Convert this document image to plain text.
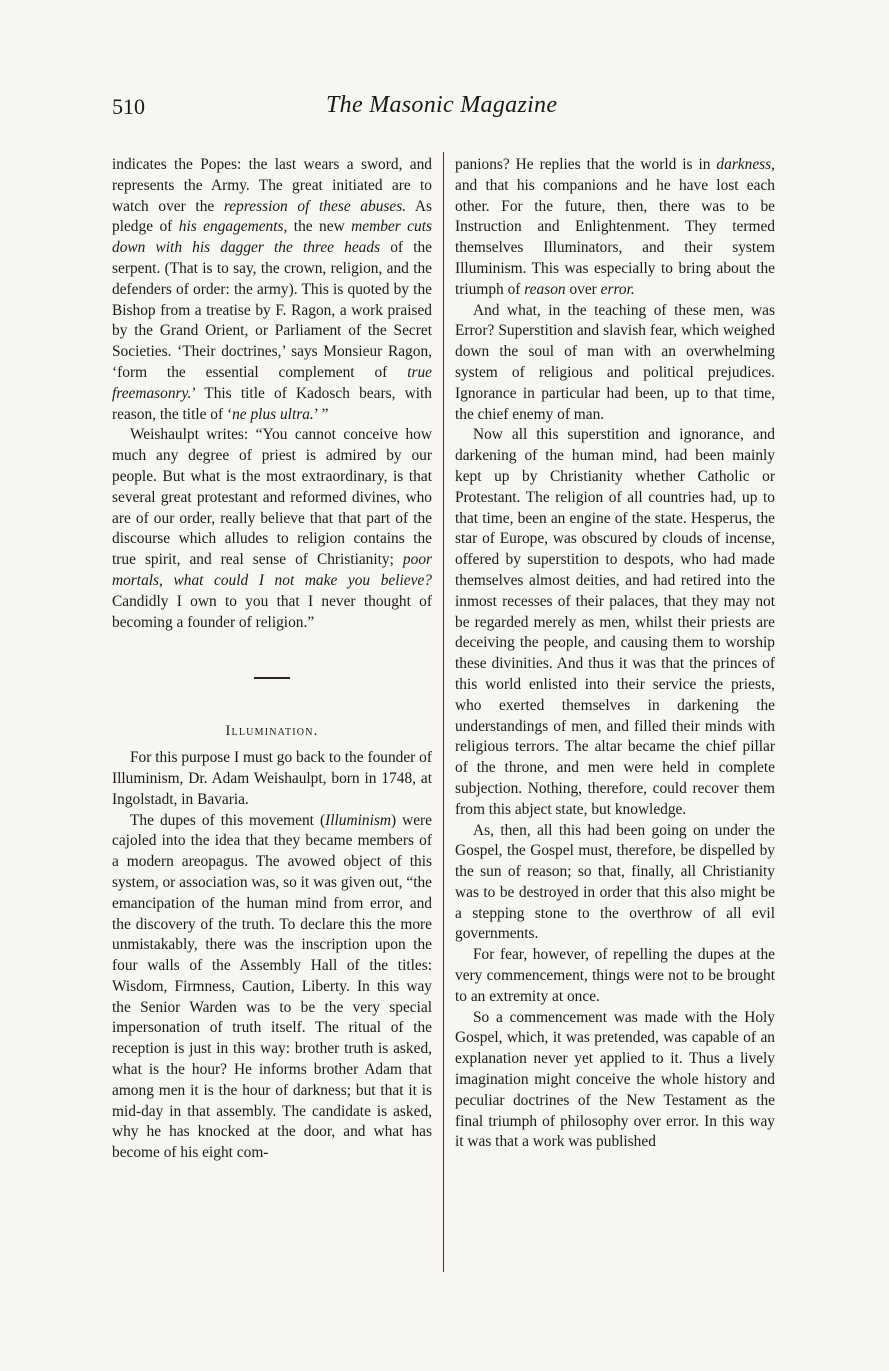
510	The Masonic Magazine

indicates the Popes: the last wears a sword, and represents the Army. The great initiated are to watch over the repression of these abuses. As pledge of his engagements, the new member cuts down with his dagger the three heads of the serpent. (That is to say, the crown, religion, and the defenders of order: the army). This is quoted by the Bishop from a treatise by F. Ragon, a work praised by the Grand Orient, or Parliament of the Secret Societies. ‘Their doctrines,’ says Monsieur Ragon, ‘form the essential complement of true freemasonry.’ This title of Kadosch bears, with reason, the title of ‘ne plus ultra.’ ”

Weishaulpt writes: “You cannot conceive how much any degree of priest is admired by our people. But what is the most extraordinary, is that several great protestant and reformed divines, who are of our order, really believe that that part of the discourse which alludes to religion contains the true spirit, and real sense of Christianity; poor mortals, what could I not make you believe? Candidly I own to you that I never thought of becoming a founder of religion.”

Illumination.

For this purpose I must go back to the founder of Illuminism, Dr. Adam Weishaulpt, born in 1748, at Ingolstadt, in Bavaria.

The dupes of this movement (Illuminism) were cajoled into the idea that they became members of a modern areopagus. The avowed object of this system, or association was, so it was given out, “the emancipation of the human mind from error, and the discovery of the truth. To declare this the more unmistakably, there was the inscription upon the four walls of the Assembly Hall of the titles: Wisdom, Firmness, Caution, Liberty. In this way the Senior Warden was to be the very special impersonation of truth itself. The ritual of the reception is just in this way: brother truth is asked, what is the hour? He informs brother Adam that among men it is the hour of darkness; but that it is mid-day in that assembly. The candidate is asked, why he has knocked at the door, and what has become of his eight com-

panions? He replies that the world is in darkness, and that his companions and he have lost each other. For the future, then, there was to be Instruction and Enlightenment. They termed themselves Illuminators, and their system Illuminism. This was especially to bring about the triumph of reason over error.

And what, in the teaching of these men, was Error? Superstition and slavish fear, which weighed down the soul of man with an overwhelming system of religious and political prejudices. Ignorance in particular had been, up to that time, the chief enemy of man.

Now all this superstition and ignorance, and darkening of the human mind, had been mainly kept up by Christianity whether Catholic or Protestant. The religion of all countries had, up to that time, been an engine of the state. Hesperus, the star of Europe, was obscured by clouds of incense, offered by superstition to despots, who had made themselves almost deities, and had retired into the inmost recesses of their palaces, that they may not be regarded merely as men, whilst their priests are deceiving the people, and causing them to worship these divinities. And thus it was that the princes of this world enlisted into their service the priests, who exerted themselves in darkening the understandings of men, and filled their minds with religious terrors. The altar became the chief pillar of the throne, and men were held in complete subjection. Nothing, therefore, could recover them from this abject state, but knowledge.

As, then, all this had been going on under the Gospel, the Gospel must, therefore, be dispelled by the sun of reason; so that, finally, all Christianity was to be destroyed in order that this also might be a stepping stone to the overthrow of all evil governments.

For fear, however, of repelling the dupes at the very commencement, things were not to be brought to an extremity at once.

So a commencement was made with the Holy Gospel, which, it was pretended, was capable of an explanation never yet applied to it. Thus a lively imagination might conceive the whole history and peculiar doctrines of the New Testament as the final triumph of philosophy over error. In this way it was that a work was published
